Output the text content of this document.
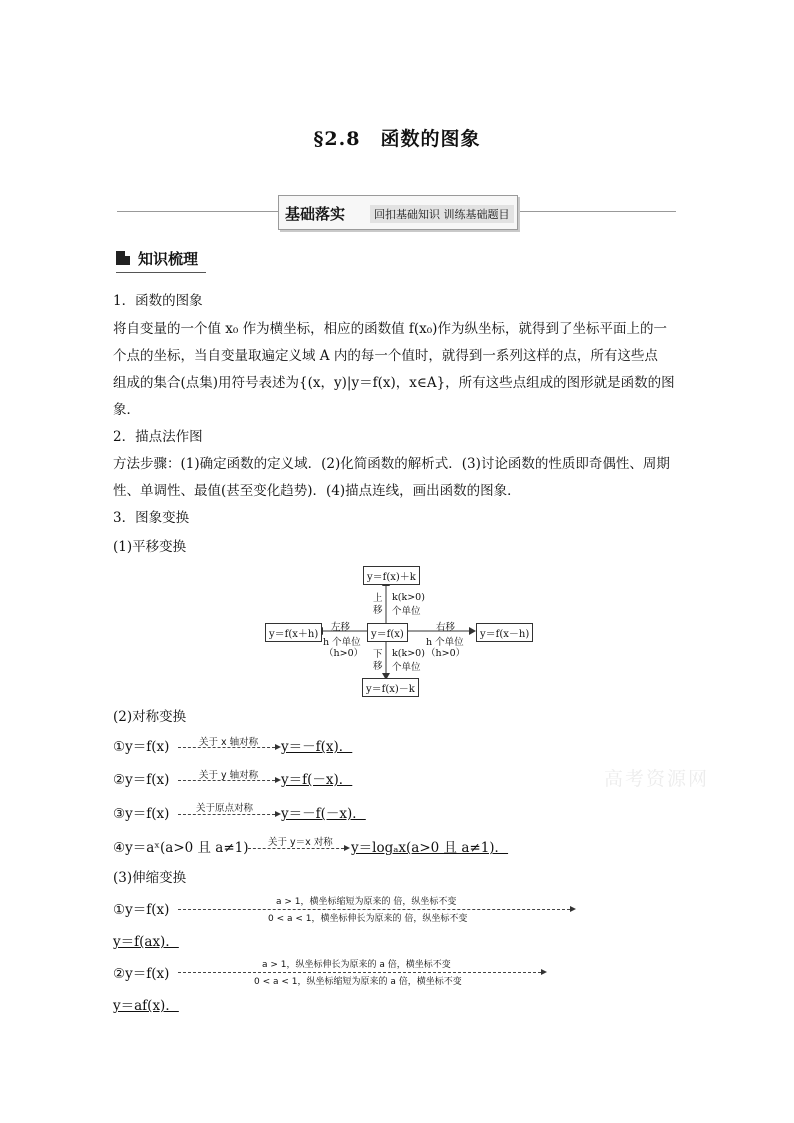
§2.8　函数的图象
基础落实	回扣基础知识 训练基础题目
知识梳理
1．函数的图象
将自变量的一个值 x₀ 作为横坐标，相应的函数值 f(x₀)作为纵坐标，就得到了坐标平面上的一
个点的坐标，当自变量取遍定义域 A 内的每一个值时，就得到一系列这样的点，所有这些点
组成的集合(点集)用符号表述为{(x，y)|y＝f(x)，x∈A}，所有这些点组成的图形就是函数的图
象．
2．描点法作图
方法步骤：(1)确定函数的定义域．(2)化简函数的解析式．(3)讨论函数的性质即奇偶性、周期
性、单调性、最值(甚至变化趋势)．(4)描点连线，画出函数的图象．
3．图象变换
(1)平移变换
y＝f(x)＋k
y＝f(x)
y＝f(x＋h)	y＝f(x－h)
y＝f(x)－k
上
移
k(k>0)
个单位
下
移
k(k>0)
个单位
左移
h 个单位
（h>0）
右移
h 个单位
（h>0）
(2)对称变换
①y＝f(x)	关于 x 轴对称 y＝－f(x)．
②y＝f(x)	关于 y 轴对称 y＝f(－x)．
③y＝f(x)	关于原点对称 y＝－f(－x)．
④y＝aˣ(a>0 且 a≠1) 关于 y＝x 对称 y＝logₐx(a>0 且 a≠1)．
(3)伸缩变换
①y＝f(x)	a > 1，横坐标缩短为原来的 倍，纵坐标不变
0 < a < 1，横坐标伸长为原来的 倍，纵坐标不变
y＝f(ax)．
②y＝f(x)
a > 1，纵坐标伸长为原来的 a 倍，横坐标不变
0 < a < 1，纵坐标缩短为原来的 a 倍，横坐标不变
y＝af(x)．
高考资源网
